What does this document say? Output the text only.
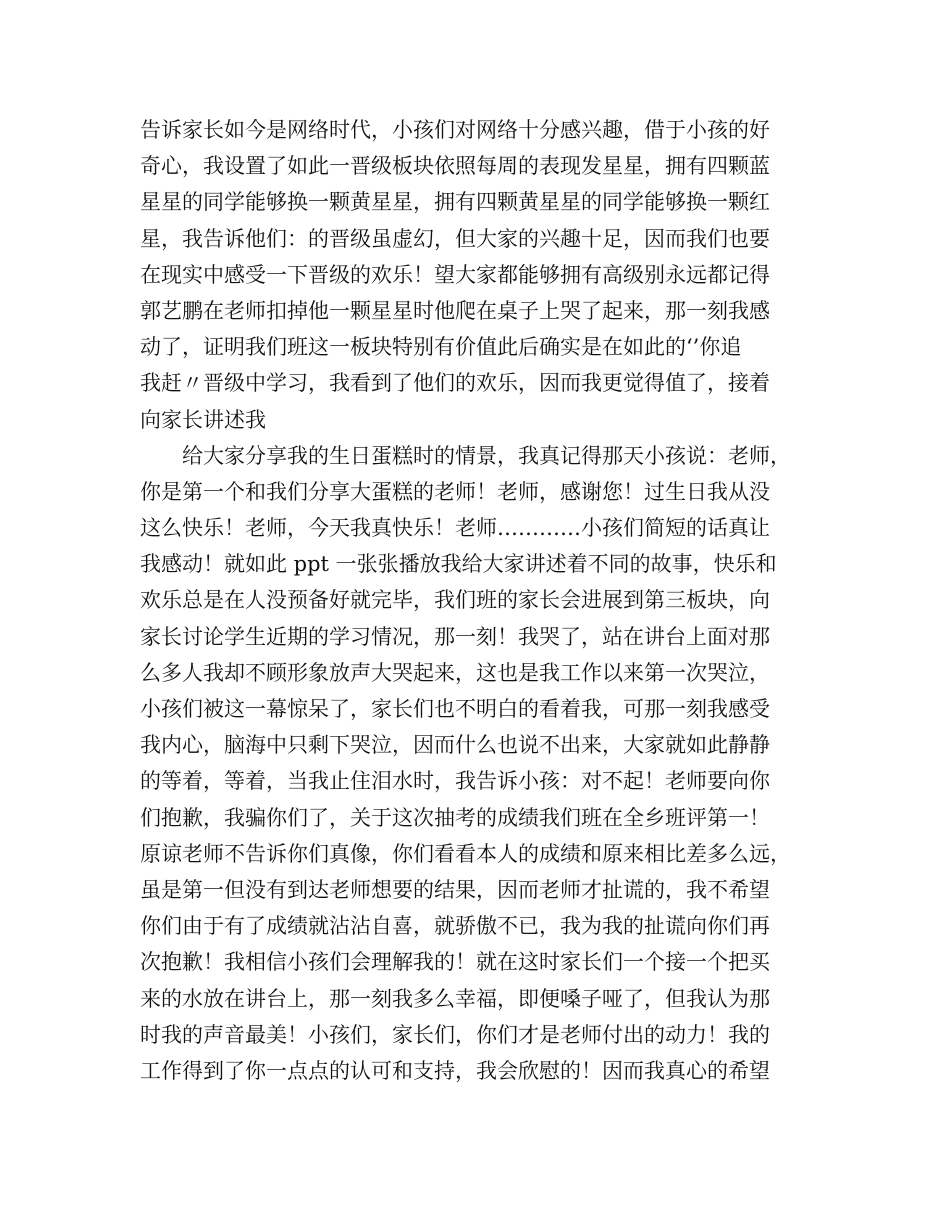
告诉家长如今是网络时代，小孩们对网络十分感兴趣，借于小孩的好
奇心，我设置了如此一晋级板块依照每周的表现发星星，拥有四颗蓝
星星的同学能够换一颗黄星星，拥有四颗黄星星的同学能够换一颗红
星，我告诉他们：的晋级虽虚幻，但大家的兴趣十足，因而我们也要
在现实中感受一下晋级的欢乐！望大家都能够拥有高级别永远都记得
郭艺鹏在老师扣掉他一颗星星时他爬在桌子上哭了起来，那一刻我感
动了，证明我们班这一板块特别有价值此后确实是在如此的‘’你追
我赶〃晋级中学习，我看到了他们的欢乐，因而我更觉得值了，接着
向家长讲述我
给大家分享我的生日蛋糕时的情景，我真记得那天小孩说：老师，
你是第一个和我们分享大蛋糕的老师！老师，感谢您！过生日我从没
这么快乐！老师，今天我真快乐！老师…………小孩们简短的话真让
我感动！就如此 ppt 一张张播放我给大家讲述着不同的故事，快乐和
欢乐总是在人没预备好就完毕，我们班的家长会进展到第三板块，向
家长讨论学生近期的学习情况，那一刻！我哭了，站在讲台上面对那
么多人我却不顾形象放声大哭起来，这也是我工作以来第一次哭泣，
小孩们被这一幕惊呆了，家长们也不明白的看着我，可那一刻我感受
我内心，脑海中只剩下哭泣，因而什么也说不出来，大家就如此静静
的等着，等着，当我止住泪水时，我告诉小孩：对不起！老师要向你
们抱歉，我骗你们了，关于这次抽考的成绩我们班在全乡班评第一！
原谅老师不告诉你们真像，你们看看本人的成绩和原来相比差多么远，
虽是第一但没有到达老师想要的结果，因而老师才扯谎的，我不希望
你们由于有了成绩就沾沾自喜，就骄傲不已，我为我的扯谎向你们再
次抱歉！我相信小孩们会理解我的！就在这时家长们一个接一个把买
来的水放在讲台上，那一刻我多么幸福，即便嗓子哑了，但我认为那
时我的声音最美！小孩们，家长们，你们才是老师付出的动力！我的
工作得到了你一点点的认可和支持，我会欣慰的！因而我真心的希望
